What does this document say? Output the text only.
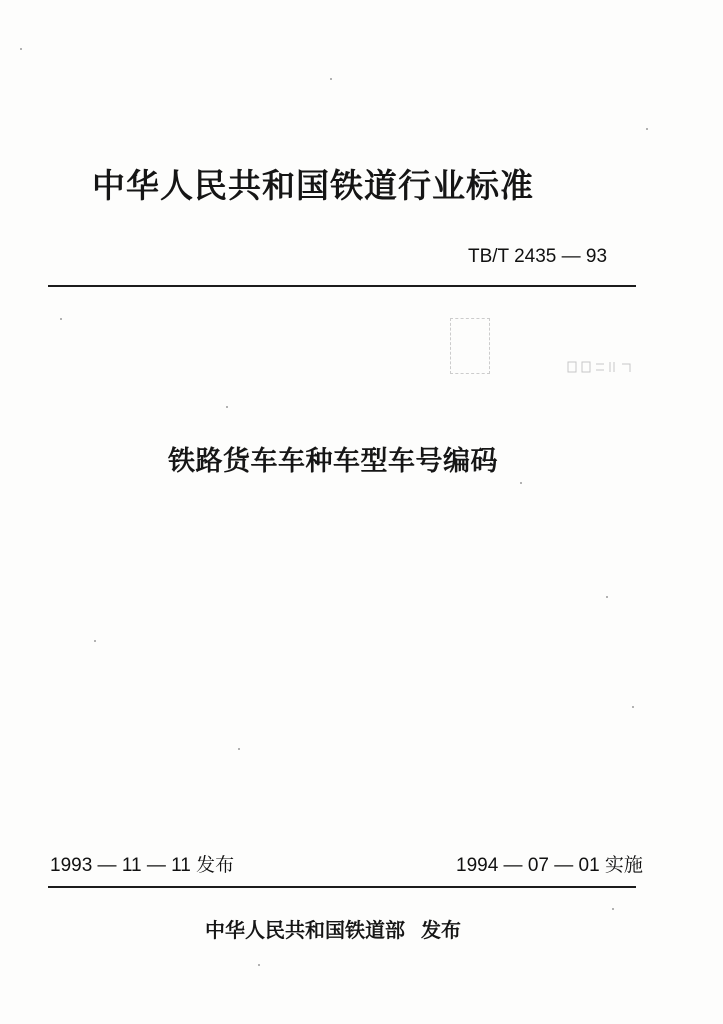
中华人民共和国铁道行业标准
TB/T 2435 — 93
铁路货车车种车型车号编码
1993 — 11 — 11 发布	1994 — 07 — 01 实施
中华人民共和国铁道部 发布
